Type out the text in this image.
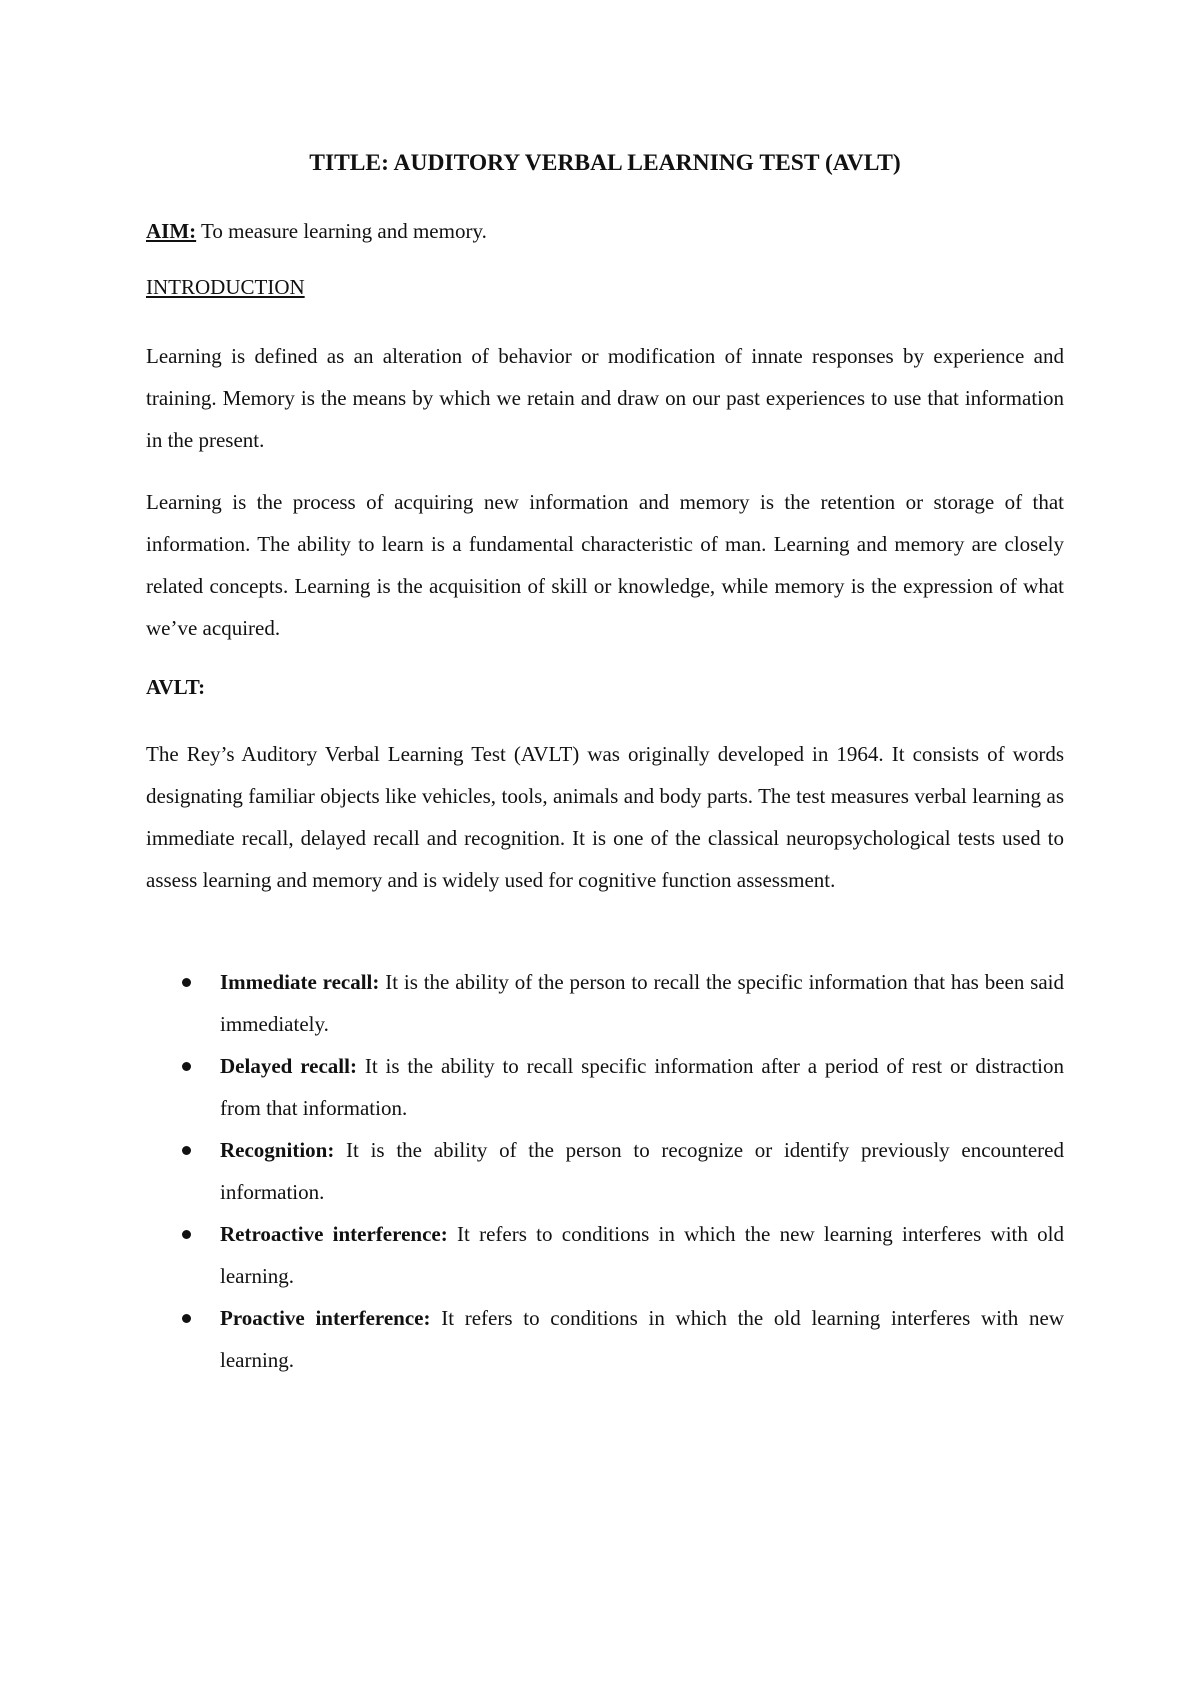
TITLE: AUDITORY VERBAL LEARNING TEST (AVLT)

AIM: To measure learning and memory.

INTRODUCTION

Learning is defined as an alteration of behavior or modification of innate responses by experience and training. Memory is the means by which we retain and draw on our past experiences to use that information in the present.

Learning is the process of acquiring new information and memory is the retention or storage of that information. The ability to learn is a fundamental characteristic of man. Learning and memory are closely related concepts. Learning is the acquisition of skill or knowledge, while memory is the expression of what we’ve acquired.

AVLT:

The Rey’s Auditory Verbal Learning Test (AVLT) was originally developed in 1964. It consists of words designating familiar objects like vehicles, tools, animals and body parts. The test measures verbal learning as immediate recall, delayed recall and recognition. It is one of the classical neuropsychological tests used to assess learning and memory and is widely used for cognitive function assessment.

Immediate recall: It is the ability of the person to recall the specific information that has been said immediately.
Delayed recall: It is the ability to recall specific information after a period of rest or distraction from that information.
Recognition: It is the ability of the person to recognize or identify previously encountered information.
Retroactive interference: It refers to conditions in which the new learning interferes with old learning.
Proactive interference: It refers to conditions in which the old learning interferes with new learning.
